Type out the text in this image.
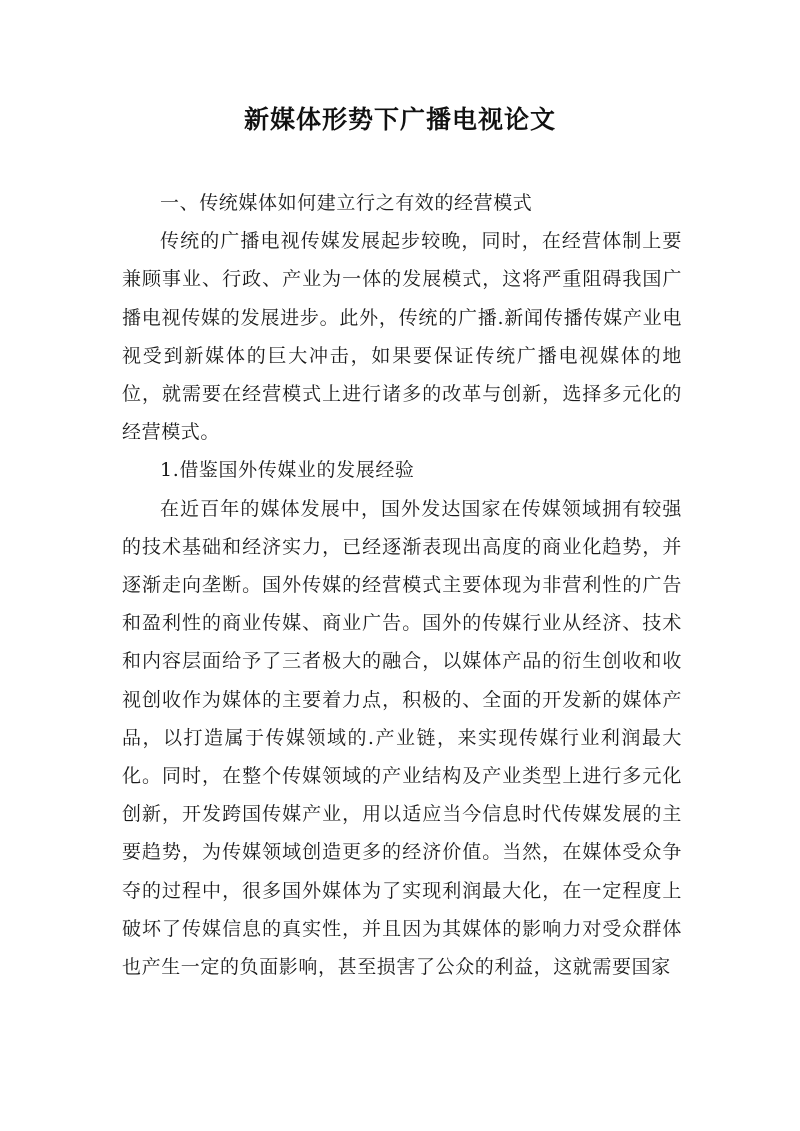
新媒体形势下广播电视论文

一、传统媒体如何建立行之有效的经营模式

传统的广播电视传媒发展起步较晚，同时，在经营体制上要兼顾事业、行政、产业为一体的发展模式，这将严重阻碍我国广播电视传媒的发展进步。此外，传统的广播.新闻传播传媒产业电视受到新媒体的巨大冲击，如果要保证传统广播电视媒体的地位，就需要在经营模式上进行诸多的改革与创新，选择多元化的经营模式。

1.借鉴国外传媒业的发展经验

在近百年的媒体发展中，国外发达国家在传媒领域拥有较强的技术基础和经济实力，已经逐渐表现出高度的商业化趋势，并逐渐走向垄断。国外传媒的经营模式主要体现为非营利性的广告和盈利性的商业传媒、商业广告。国外的传媒行业从经济、技术和内容层面给予了三者极大的融合，以媒体产品的衍生创收和收视创收作为媒体的主要着力点，积极的、全面的开发新的媒体产品，以打造属于传媒领域的.产业链，来实现传媒行业利润最大化。同时，在整个传媒领域的产业结构及产业类型上进行多元化创新，开发跨国传媒产业，用以适应当今信息时代传媒发展的主要趋势，为传媒领域创造更多的经济价值。当然，在媒体受众争夺的过程中，很多国外媒体为了实现利润最大化，在一定程度上破坏了传媒信息的真实性，并且因为其媒体的影响力对受众群体也产生一定的负面影响，甚至损害了公众的利益，这就需要国家
